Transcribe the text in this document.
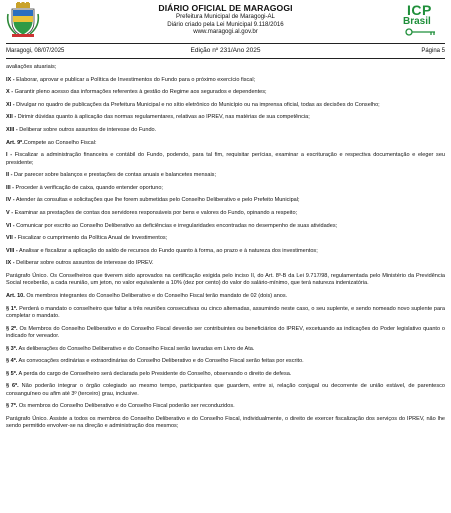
DIÁRIO OFICIAL DE MARAGOGI
Prefeitura Municipal de Maragogi-AL
Diário criado pela Lei Municipal 9.118/2016
www.maragogi.al.gov.br
ICP
Brasil
Maragogi, 08/07/2025	Edição nº 231/Ano 2025	Página 5

avaliações atuariais;

IX - Elaborar, aprovar e publicar a Política de Investimentos do Fundo para o próximo exercício fiscal;

X - Garantir pleno acesso das informações referentes à gestão do Regime aos segurados e dependentes;

XI - Divulgar no quadro de publicações da Prefeitura Municipal e no sítio eletrônico do Município ou na imprensa oficial, todas as decisões do Conselho;

XII - Dirimir dúvidas quanto à aplicação das normas regulamentares, relativas ao IPREV, nas matérias de sua competência;

XIII - Deliberar sobre outros assuntos de interesse do Fundo.

Art. 9º.Compete ao Conselho Fiscal:

I - Fiscalizar a administração financeira e contábil do Fundo, podendo, para tal fim, requisitar perícias, examinar a escrituração e respectiva documentação e eleger seu presidente;

II - Dar parecer sobre balanços e prestações de contas anuais e balancetes mensais;

III - Proceder à verificação de caixa, quando entender oportuno;

IV - Atender às consultas e solicitações que lhe forem submetidas pelo Conselho Deliberativo e pelo Prefeito Municipal;

V - Examinar as prestações de contas dos servidores responsáveis por bens e valores do Fundo, opinando a respeito;

VI - Comunicar por escrito ao Conselho Deliberativo as deficiências e irregularidades encontradas no desempenho de suas atividades;

VII - Fiscalizar o cumprimento da Política Anual de Investimentos;

VIII - Analisar e fiscalizar a aplicação do saldo de recursos do Fundo quanto à forma, ao prazo e à natureza dos investimentos;

IX - Deliberar sobre outros assuntos de interesse do IPREV.

Parágrafo Único. Os Conselheiros que tiverem sido aprovados na certificação exigida pelo inciso II, do Art. 8º-B da Lei 9.717/98, regulamentada pelo Ministério da Previdência Social receberão, a cada reunião, um jeton, no valor equivalente a 10% (dez por cento) do valor do salário-mínimo, que terá natureza indenizatória.

Art. 10. Os membros integrantes do Conselho Deliberativo e do Conselho Fiscal terão mandato de 02 (dois) anos.

§ 1º. Perderá o mandato o conselheiro que faltar a três reuniões consecutivas ou cinco alternadas, assumindo neste caso, o seu suplente, e sendo nomeado novo suplente para completar o mandato.

§ 2º. Os Membros do Conselho Deliberativo e do Conselho Fiscal deverão ser contribuintes ou beneficiários do IPREV, excetuando as indicações do Poder legislativo quanto o indicado for vereador.

§ 3º. As deliberações do Conselho Deliberativo e do Conselho Fiscal serão lavradas em Livro de Ata.

§ 4º. As convocações ordinárias e extraordinárias do Conselho Deliberativo e do Conselho Fiscal serão feitas por escrito.

§ 5º. A perda do cargo de Conselheiro será declarada pelo Presidente do Conselho, observando o direito de defesa.

§ 6º. Não poderão integrar o órgão colegiado ao mesmo tempo, participantes que guardem, entre si, relação conjugal ou decorrente de união estável, de parentesco consanguíneo ou afim até 3º (terceiro) grau, inclusive.

§ 7º. Os membros do Conselho Deliberativo e do Conselho Fiscal poderão ser reconduzidos.

Parágrafo Único. Assiste a todos os membros do Conselho Deliberativo e do Conselho Fiscal, individualmente, o direito de exercer fiscalização dos serviços do IPREV, não lhe sendo permitido envolver-se na direção e administração dos mesmos;
